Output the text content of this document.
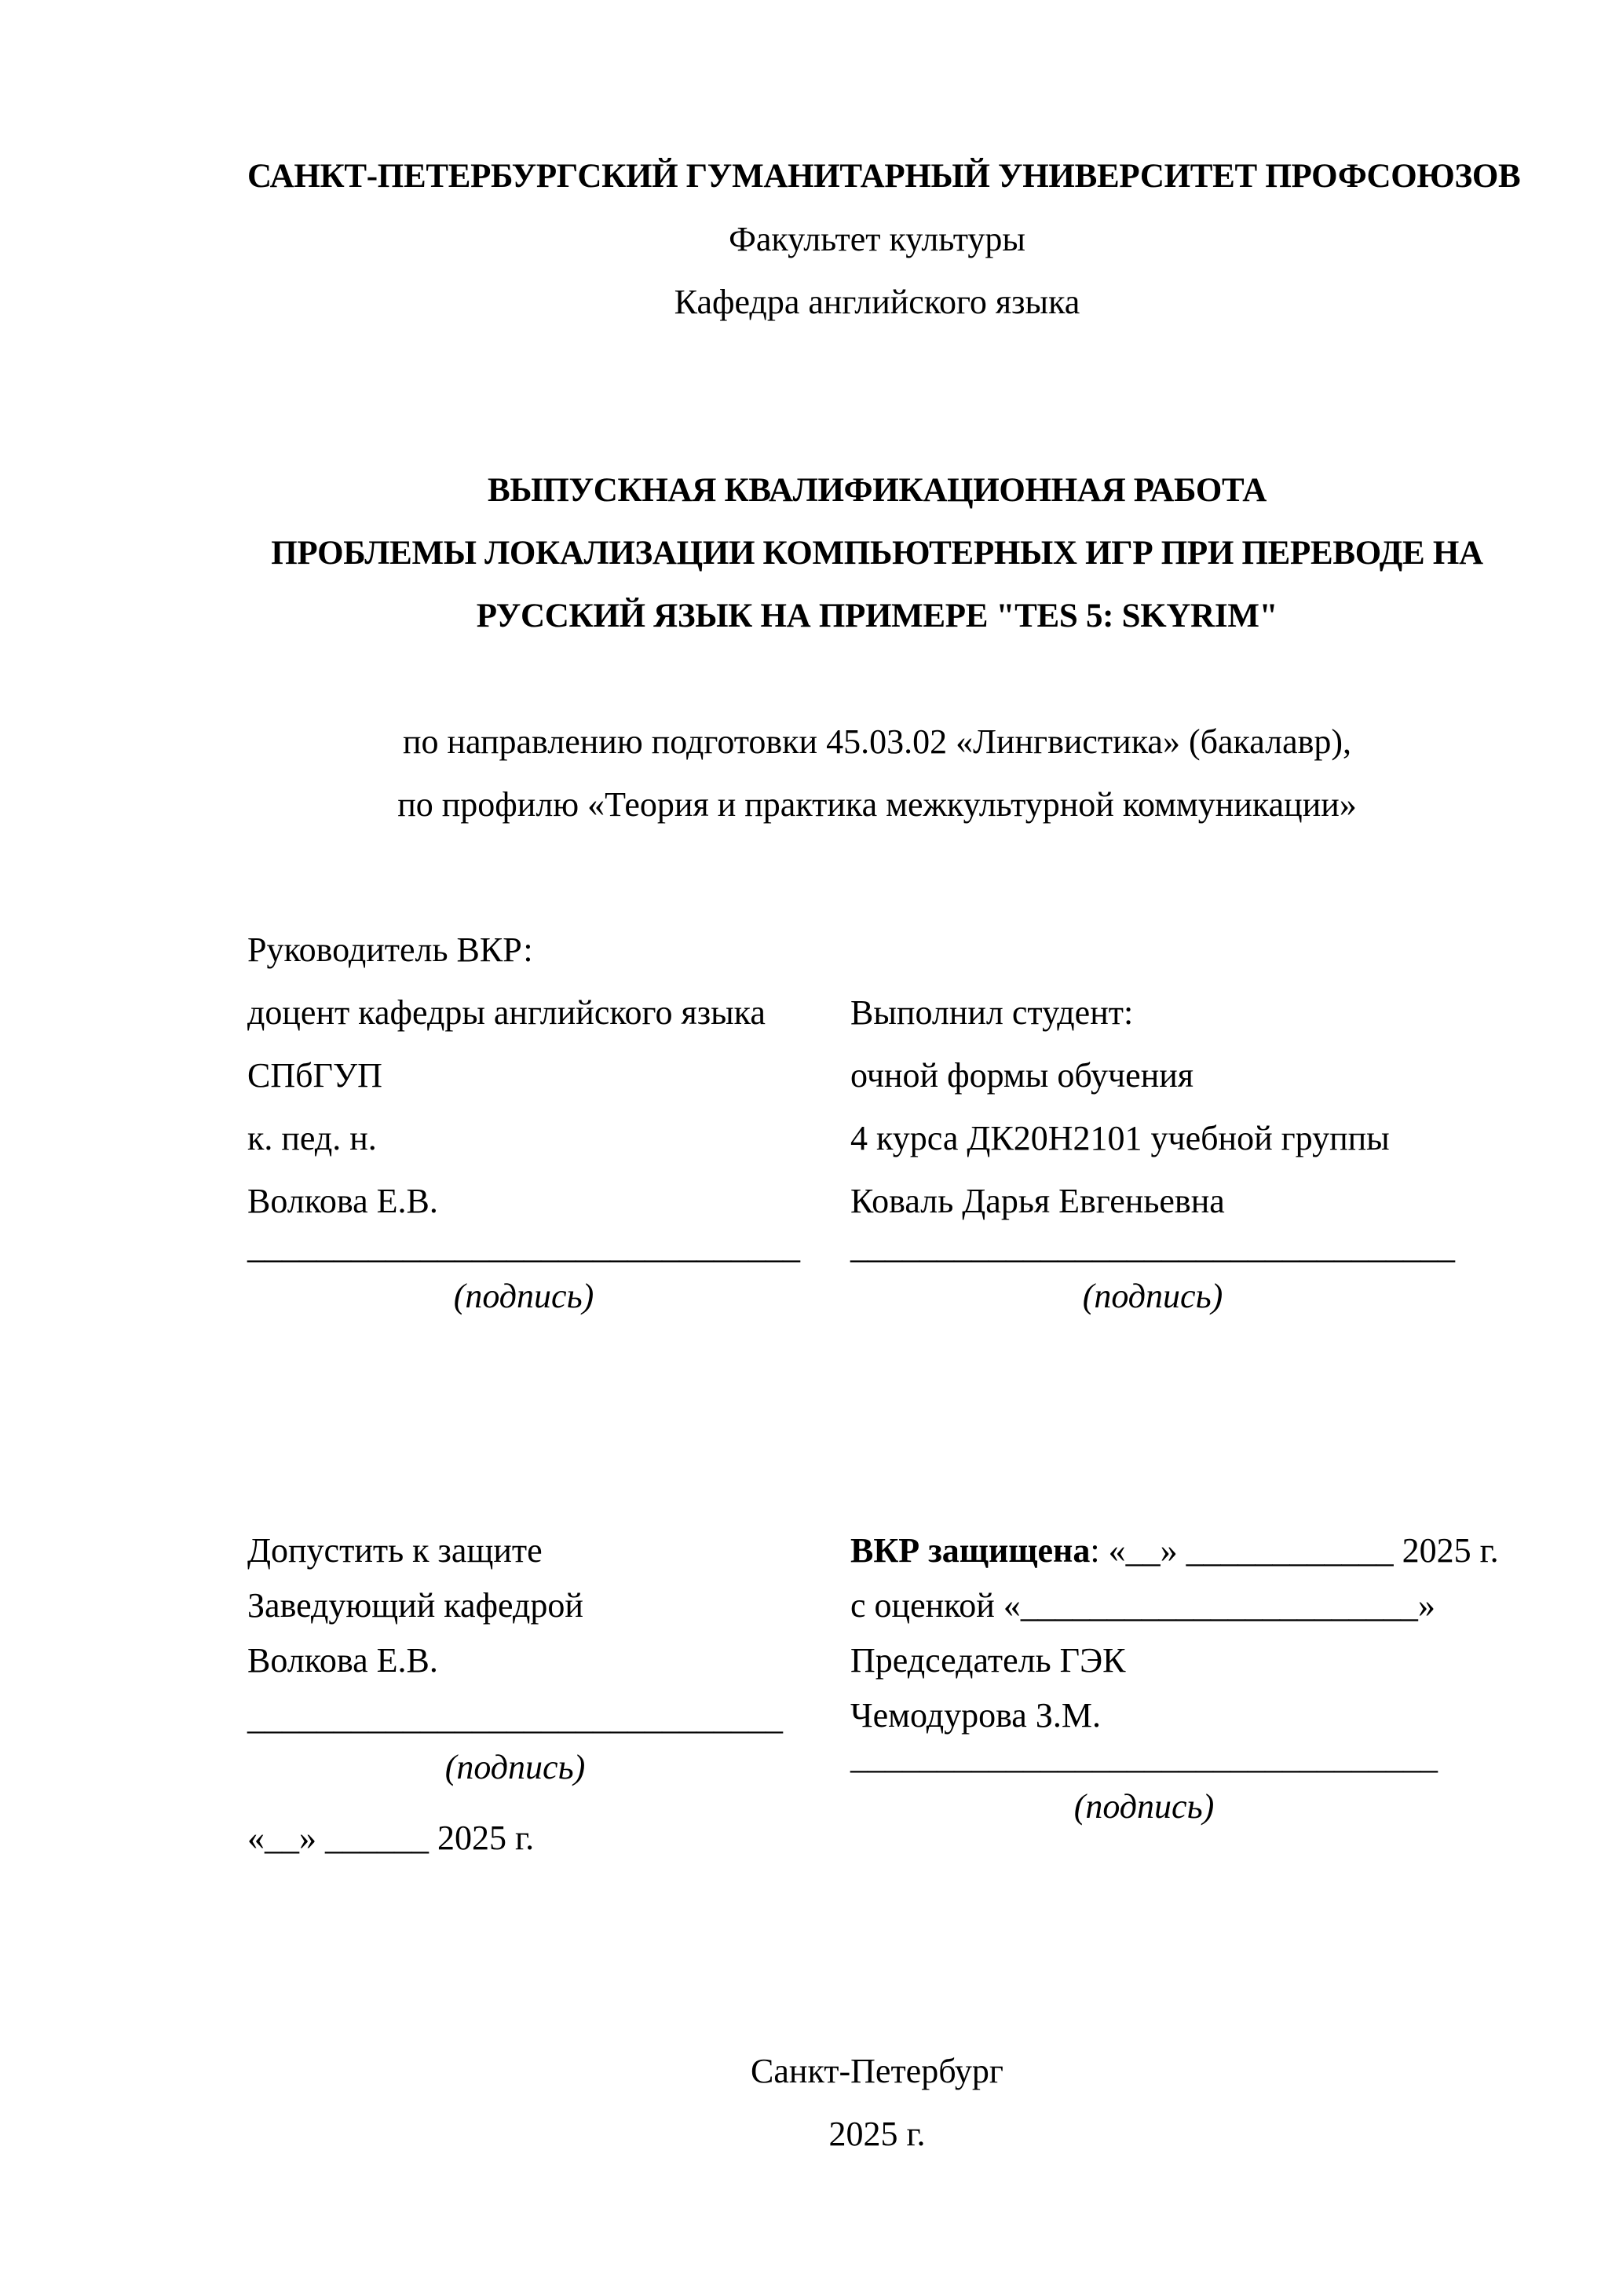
САНКТ-ПЕТЕРБУРГСКИЙ ГУМАНИТАРНЫЙ УНИВЕРСИТЕТ ПРОФСОЮЗОВ
Факультет культуры
Кафедра английского языка
ВЫПУСКНАЯ КВАЛИФИКАЦИОННАЯ РАБОТА
ПРОБЛЕМЫ ЛОКАЛИЗАЦИИ КОМПЬЮТЕРНЫХ ИГР ПРИ ПЕРЕВОДЕ НА
РУССКИЙ ЯЗЫК НА ПРИМЕРЕ "TES 5: SKYRIM"
по направлению подготовки 45.03.02 «Лингвистика» (бакалавр),
по профилю «Теория и практика межкультурной коммуникации»
Руководитель ВКР:
доцент кафедры английского языка
СПбГУП
к. пед. н.
Волкова Е.В.
________________________________
(подпись)
Выполнил студент:
очной формы обучения
4 курса ДК20Н2101 учебной группы
Коваль Дарья Евгеньевна
___________________________________
(подпись)
Допустить к защите
Заведующий кафедрой
Волкова Е.В.
_______________________________
(подпись)
«__» ______ 2025 г.
ВКР защищена: «__» ____________ 2025 г.
с оценкой «_______________________»
Председатель ГЭК
Чемодурова З.М.
__________________________________
(подпись)
Санкт-Петербург
2025 г.
